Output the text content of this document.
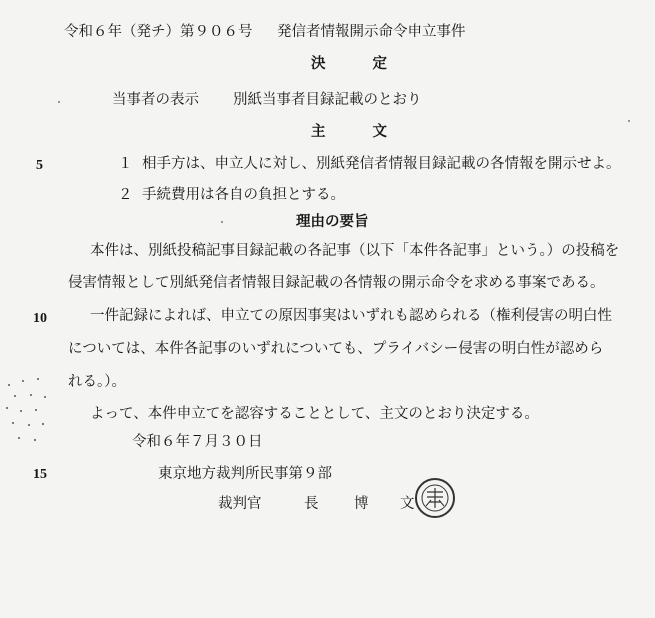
5
10
15
令和６年（発チ）第９０６号 発信者情報開示命令申立事件
決　　定
当事者の表示 別紙当事者目録記載のとおり
主　　文
１ 相手方は、申立人に対し、別紙発信者情報目録記載の各情報を開示せよ。
２ 手続費用は各自の負担とする。
理由の要旨
本件は、別紙投稿記事目録記載の各記事（以下「本件各記事」という。）の投稿を
侵害情報として別紙発信者情報目録記載の各情報の開示命令を求める事案である。
一件記録によれば、申立ての原因事実はいずれも認められる（権利侵害の明白性
については、本件各記事のいずれについても、プライバシー侵害の明白性が認めら
れる。）。
よって、本件申立てを認容することとして、主文のとおり決定する。
令和６年７月３０日
東京地方裁判所民事第９部
裁判官	長 博 文
